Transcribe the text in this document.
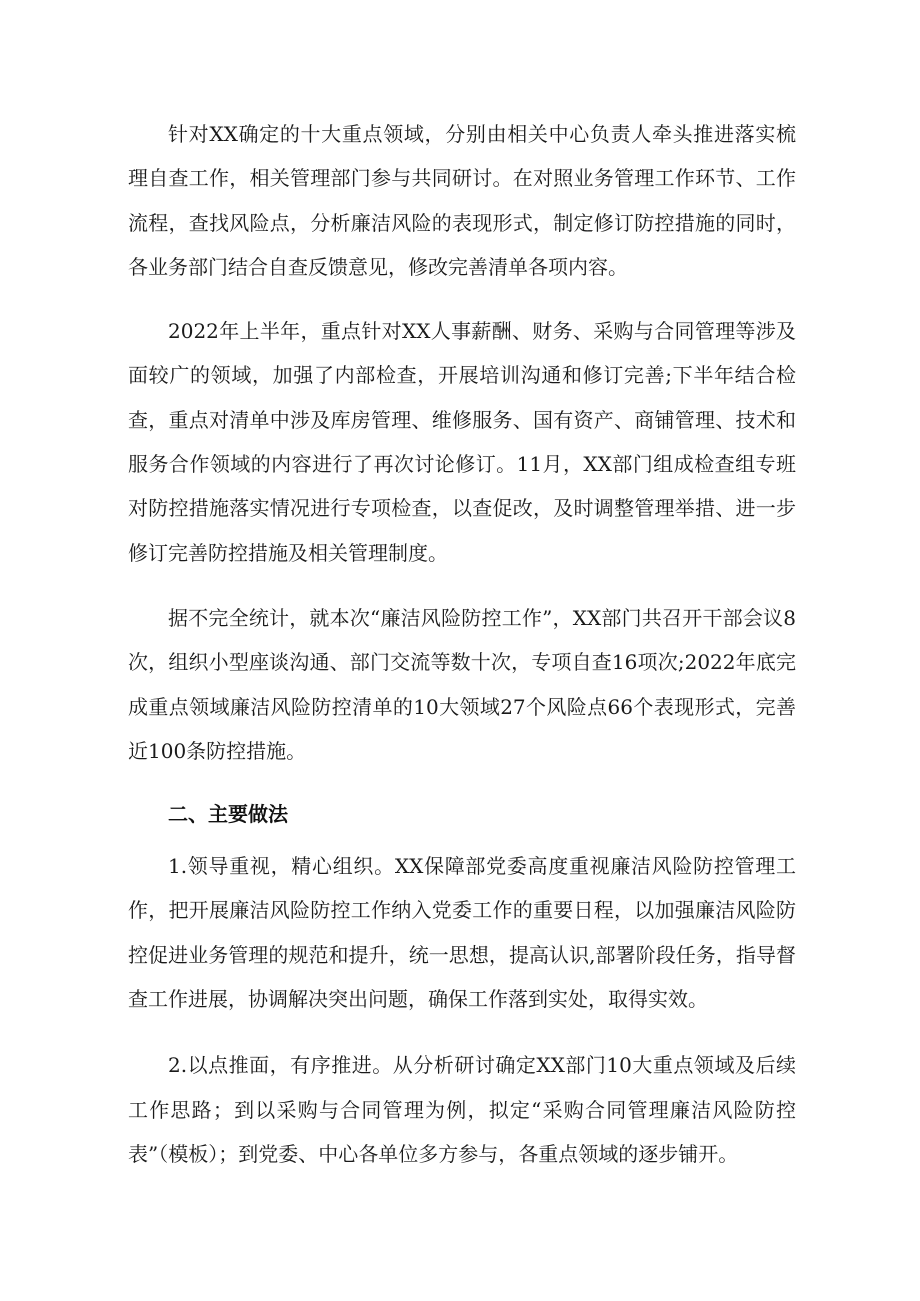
针对XX确定的十大重点领域，分别由相关中心负责人牵头推进落实梳理自查工作，相关管理部门参与共同研讨。在对照业务管理工作环节、工作流程，查找风险点，分析廉洁风险的表现形式，制定修订防控措施的同时，各业务部门结合自查反馈意见，修改完善清单各项内容。

2022年上半年，重点针对XX人事薪酬、财务、采购与合同管理等涉及面较广的领域，加强了内部检查，开展培训沟通和修订完善;下半年结合检查，重点对清单中涉及库房管理、维修服务、国有资产、商铺管理、技术和服务合作领域的内容进行了再次讨论修订。11月，XX部门组成检查组专班对防控措施落实情况进行专项检查，以查促改，及时调整管理举措、进一步修订完善防控措施及相关管理制度。

据不完全统计，就本次“廉洁风险防控工作”，XX部门共召开干部会议8次，组织小型座谈沟通、部门交流等数十次，专项自查16项次;2022年底完成重点领域廉洁风险防控清单的10大领域27个风险点66个表现形式，完善近100条防控措施。

二、主要做法

1.领导重视，精心组织。XX保障部党委高度重视廉洁风险防控管理工作，把开展廉洁风险防控工作纳入党委工作的重要日程，以加强廉洁风险防控促进业务管理的规范和提升，统一思想，提高认识,部署阶段任务，指导督查工作进展，协调解决突出问题，确保工作落到实处，取得实效。

2.以点推面，有序推进。从分析研讨确定XX部门10大重点领域及后续工作思路；到以采购与合同管理为例，拟定“采购合同管理廉洁风险防控表”（模板）；到党委、中心各单位多方参与，各重点领域的逐步铺开。
